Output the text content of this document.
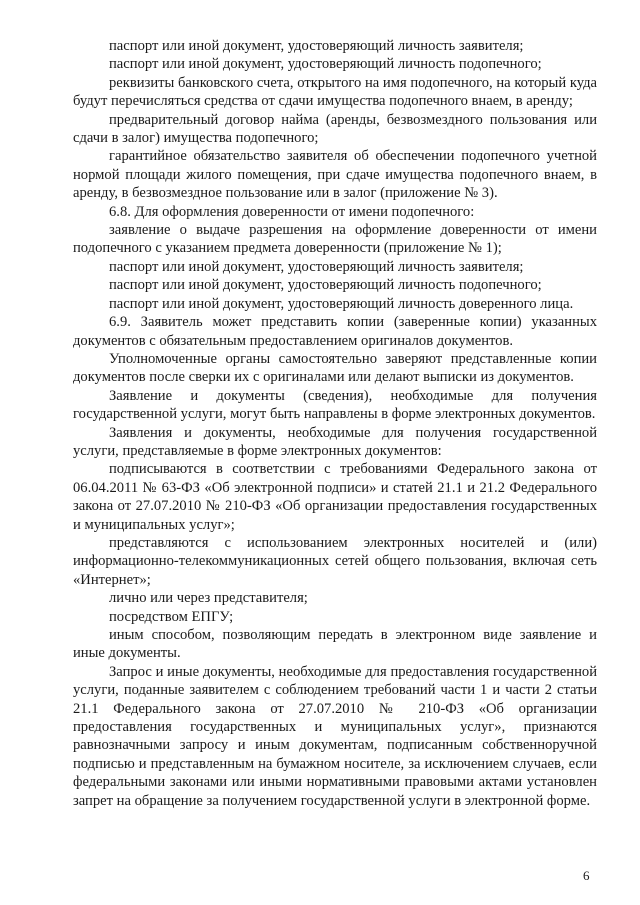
паспорт или иной документ, удостоверяющий личность заявителя;

паспорт или иной документ, удостоверяющий личность подопечного;

реквизиты банковского счета, открытого на имя подопечного, на который куда будут перечисляться средства от сдачи имущества подопечного внаем, в аренду;

предварительный договор найма (аренды, безвозмездного пользования или сдачи в залог) имущества подопечного;

гарантийное обязательство заявителя об обеспечении подопечного учетной нормой площади жилого помещения, при сдаче имущества подопечного внаем, в аренду, в безвозмездное пользование или в залог (приложение № 3).

6.8. Для оформления доверенности от имени подопечного:

заявление о выдаче разрешения на оформление доверенности от имени подопечного с указанием предмета доверенности (приложение № 1);

паспорт или иной документ, удостоверяющий личность заявителя;

паспорт или иной документ, удостоверяющий личность подопечного;

паспорт или иной документ, удостоверяющий личность доверенного лица.

6.9. Заявитель может представить копии (заверенные копии) указанных документов с обязательным предоставлением оригиналов документов.

Уполномоченные органы самостоятельно заверяют представленные копии документов после сверки их с оригиналами или делают выписки из документов.

Заявление и документы (сведения), необходимые для получения государственной услуги, могут быть направлены в форме электронных документов.

Заявления и документы, необходимые для получения государственной услуги, представляемые в форме электронных документов:

подписываются в соответствии с требованиями Федерального закона от 06.04.2011 № 63-ФЗ «Об электронной подписи» и статей 21.1 и 21.2 Федерального закона от 27.07.2010 № 210-ФЗ «Об организации предоставления государственных и муниципальных услуг»;

представляются с использованием электронных носителей и (или) информационно-телекоммуникационных сетей общего пользования, включая сеть «Интернет»;

лично или через представителя;

посредством ЕПГУ;

иным способом, позволяющим передать в электронном виде заявление и иные документы.

Запрос и иные документы, необходимые для предоставления государственной услуги, поданные заявителем с соблюдением требований части 1 и части 2 статьи 21.1 Федерального закона от 27.07.2010 № 210-ФЗ «Об организации предоставления государственных и муниципальных услуг», признаются равнозначными запросу и иным документам, подписанным собственноручной подписью и представленным на бумажном носителе, за исключением случаев, если федеральными законами или иными нормативными правовыми актами установлен запрет на обращение за получением государственной услуги в электронной форме.

6
